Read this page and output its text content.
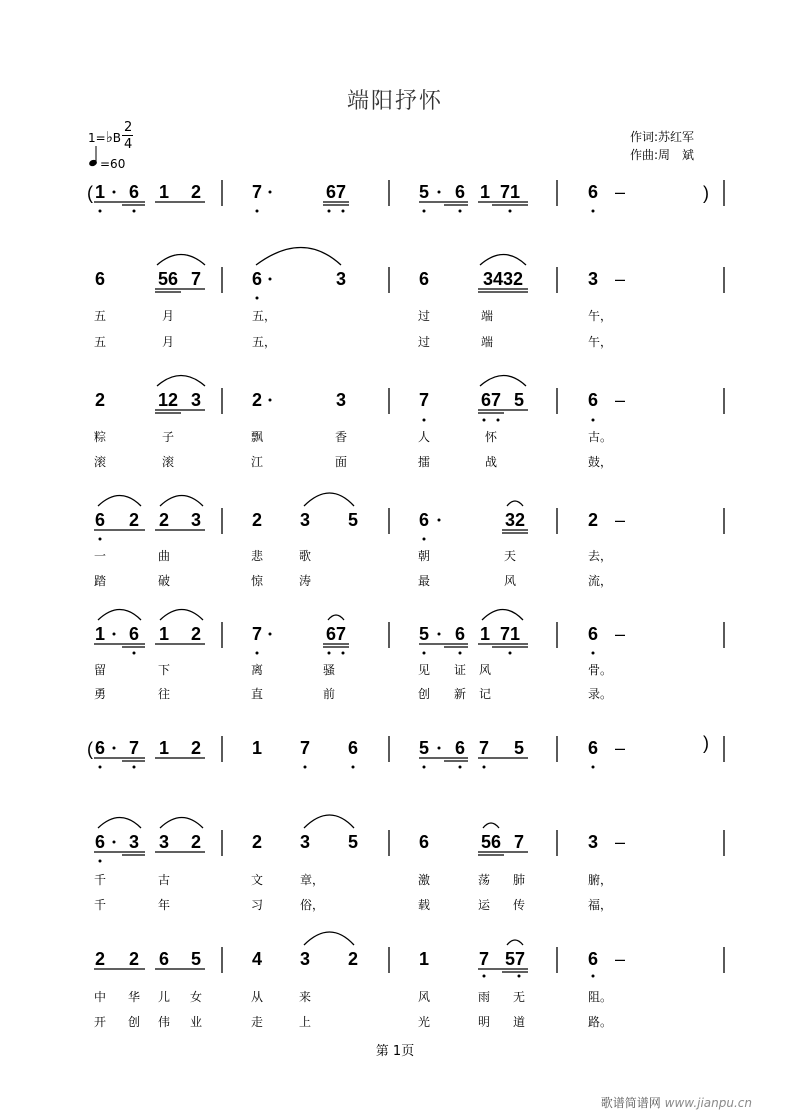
端阳抒怀
1=♭B
2
4
=60
作词:苏红军
作曲:周　斌
( 1 6 1 2	7	67	5 6 1 71	6 –	)
6	56 7	6	3	6	3432	3 –
2	12 3	2	3	7	67 5	6 –
6 2 2 3	2 3 5	6	32	2 –
1 6 1 2	7	67	5 6 1 71	6 –
( 6 7 1 2	1 7 6	5 6 7 5	6 –	)
6 3 3 2	2 3 5	6	56 7	3 –
2 2 6 5	4 3 2	1	7 57	6 –
五	月	五，	过	端	午，
五	月	五，	过	端	午，
粽	子	飘	香	人	怀	古。
滚	滚	江	面	擂	战	鼓，
一	曲	悲	歌	朝	天	去，
踏	破	惊	涛	最	风	流，
留	下	离	骚	见 证 风	骨。
勇	往	直	前	创 新 记	录。
千	古	文	章，	激	荡 肺	腑，
千	年	习	俗，	载	运 传	福，
中 华 儿 女	从	来	风	雨 无	阻。
开 创 伟 业	走	上	光	明 道	路。
第 1页
歌谱简谱网 www.jianpu.cn
